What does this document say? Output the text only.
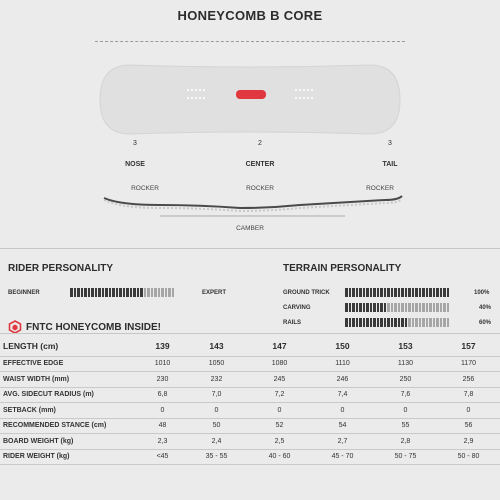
HONEYCOMB B CORE
3
NOSE
2
CENTER
3
TAIL
ROCKER	ROCKER	ROCKER
CAMBER
RIDER PERSONALITY
BEGINNER	EXPERT
TERRAIN PERSONALITY
GROUND TRICK	100%
CARVING	40%
RAILS	60%
FNTC HONEYCOMB INSIDE!
LENGTH (cm)	139	143	147	150	153	157
EFFECTIVE EDGE	1010	1050	1080	1110	1130	1170
WAIST WIDTH (mm)	230	232	245	246	250	256
AVG. SIDECUT RADIUS (m)	6,8	7,0	7,2	7,4	7,6	7,8
SETBACK (mm)	0	0	0	0	0	0
RECOMMENDED STANCE (cm)	48	50	52	54	55	56
BOARD WEIGHT (kg)	2,3	2,4	2,5	2,7	2,8	2,9
RIDER WEIGHT (kg)	<45	35 - 55	40 - 60	45 - 70	50 - 75	50 - 80
